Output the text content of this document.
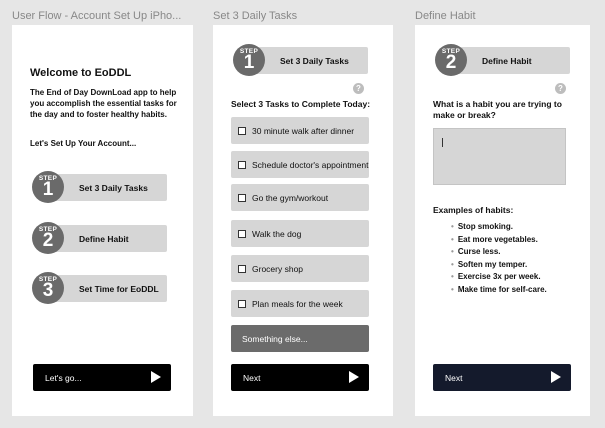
User Flow - Account Set Up iPho...	Set 3 Daily Tasks	Define Habit
Welcome to EoDDL
The End of Day DownLoad app to help you accomplish the essential tasks for the day and to foster healthy habits.
Let's Set Up Your Account...
Set 3 Daily Tasks
STEP
1
Define Habit
STEP
2
Set Time for EoDDL
STEP
3
Let's go...
Set 3 Daily Tasks
STEP
1
?
Select 3 Tasks to Complete Today:
30 minute walk after dinner
Schedule doctor's appointment
Go the gym/workout
Walk the dog
Grocery shop
Plan meals for the week
Something else...
Next
Define Habit
STEP
2
?
What is a habit you are trying to make or break?
Examples of habits:
• Stop smoking.
• Eat more vegetables.
• Curse less.
• Soften my temper.
• Exercise 3x per week.
• Make time for self-care.
Next
